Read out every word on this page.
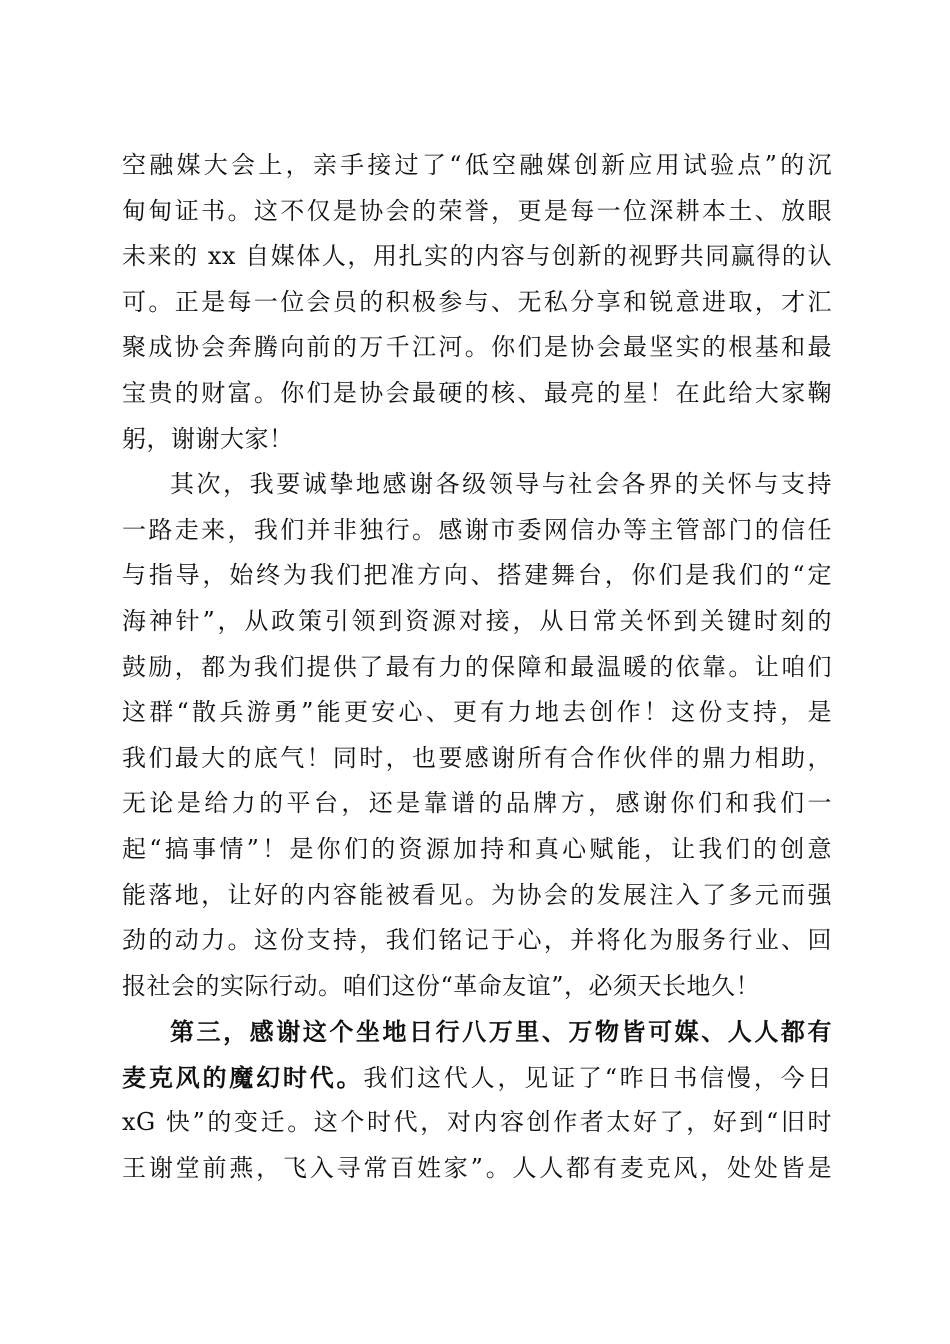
空融媒大会上，亲手接过了“低空融媒创新应用试验点”的沉
甸甸证书。这不仅是协会的荣誉，更是每一位深耕本土、放眼
未来的 xx 自媒体人，用扎实的内容与创新的视野共同赢得的认
可。正是每一位会员的积极参与、无私分享和锐意进取，才汇
聚成协会奔腾向前的万千江河。你们是协会最坚实的根基和最
宝贵的财富。你们是协会最硬的核、最亮的星！在此给大家鞠
躬，谢谢大家！
其次，我要诚挚地感谢各级领导与社会各界的关怀与支持
一路走来，我们并非独行。感谢市委网信办等主管部门的信任
与指导，始终为我们把准方向、搭建舞台，你们是我们的“定
海神针”，从政策引领到资源对接，从日常关怀到关键时刻的
鼓励，都为我们提供了最有力的保障和最温暖的依靠。让咱们
这群“散兵游勇”能更安心、更有力地去创作！这份支持，是
我们最大的底气！同时，也要感谢所有合作伙伴的鼎力相助，
无论是给力的平台，还是靠谱的品牌方，感谢你们和我们一
起“搞事情”！是你们的资源加持和真心赋能，让我们的创意
能落地，让好的内容能被看见。为协会的发展注入了多元而强
劲的动力。这份支持，我们铭记于心，并将化为服务行业、回
报社会的实际行动。咱们这份“革命友谊”，必须天长地久！
第三，感谢这个坐地日行八万里、万物皆可媒、人人都有
麦克风的魔幻时代。我们这代人，见证了“昨日书信慢，今日
xG 快”的变迁。这个时代，对内容创作者太好了，好到“旧时
王谢堂前燕，飞入寻常百姓家”。人人都有麦克风，处处皆是
